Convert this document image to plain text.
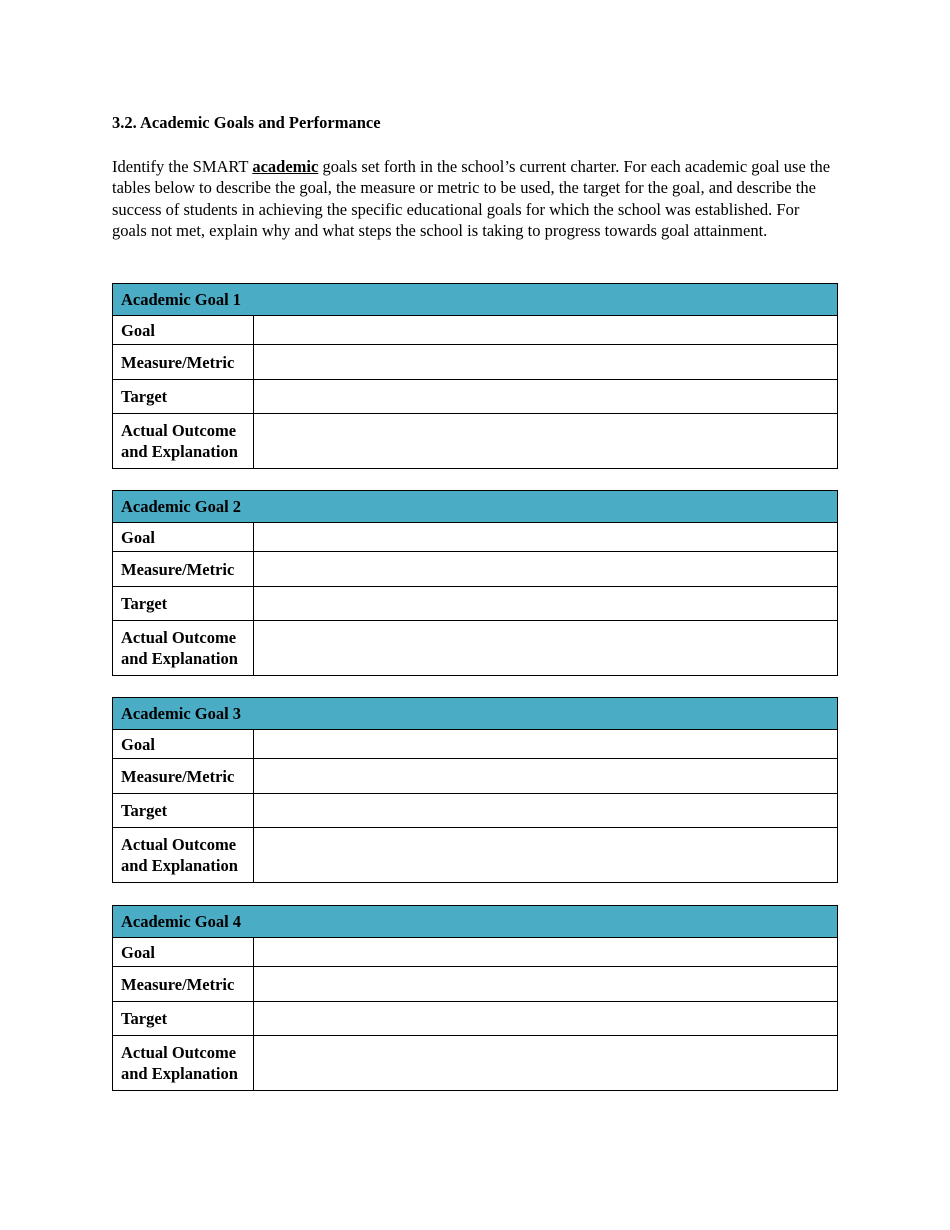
3.2. Academic Goals and Performance
Identify the SMART academic goals set forth in the school’s current charter. For each academic goal use the tables below to describe the goal, the measure or metric to be used, the target for the goal, and describe the success of students in achieving the specific educational goals for which the school was established. For goals not met, explain why and what steps the school is taking to progress towards goal attainment.
Academic Goal 1	
Goal	
Measure/Metric	
Target	
Actual Outcome and Explanation	
Academic Goal 2	
Goal	
Measure/Metric	
Target	
Actual Outcome and Explanation	
Academic Goal 3	
Goal	
Measure/Metric	
Target	
Actual Outcome and Explanation	
Academic Goal 4	
Goal	
Measure/Metric	
Target	
Actual Outcome and Explanation	
